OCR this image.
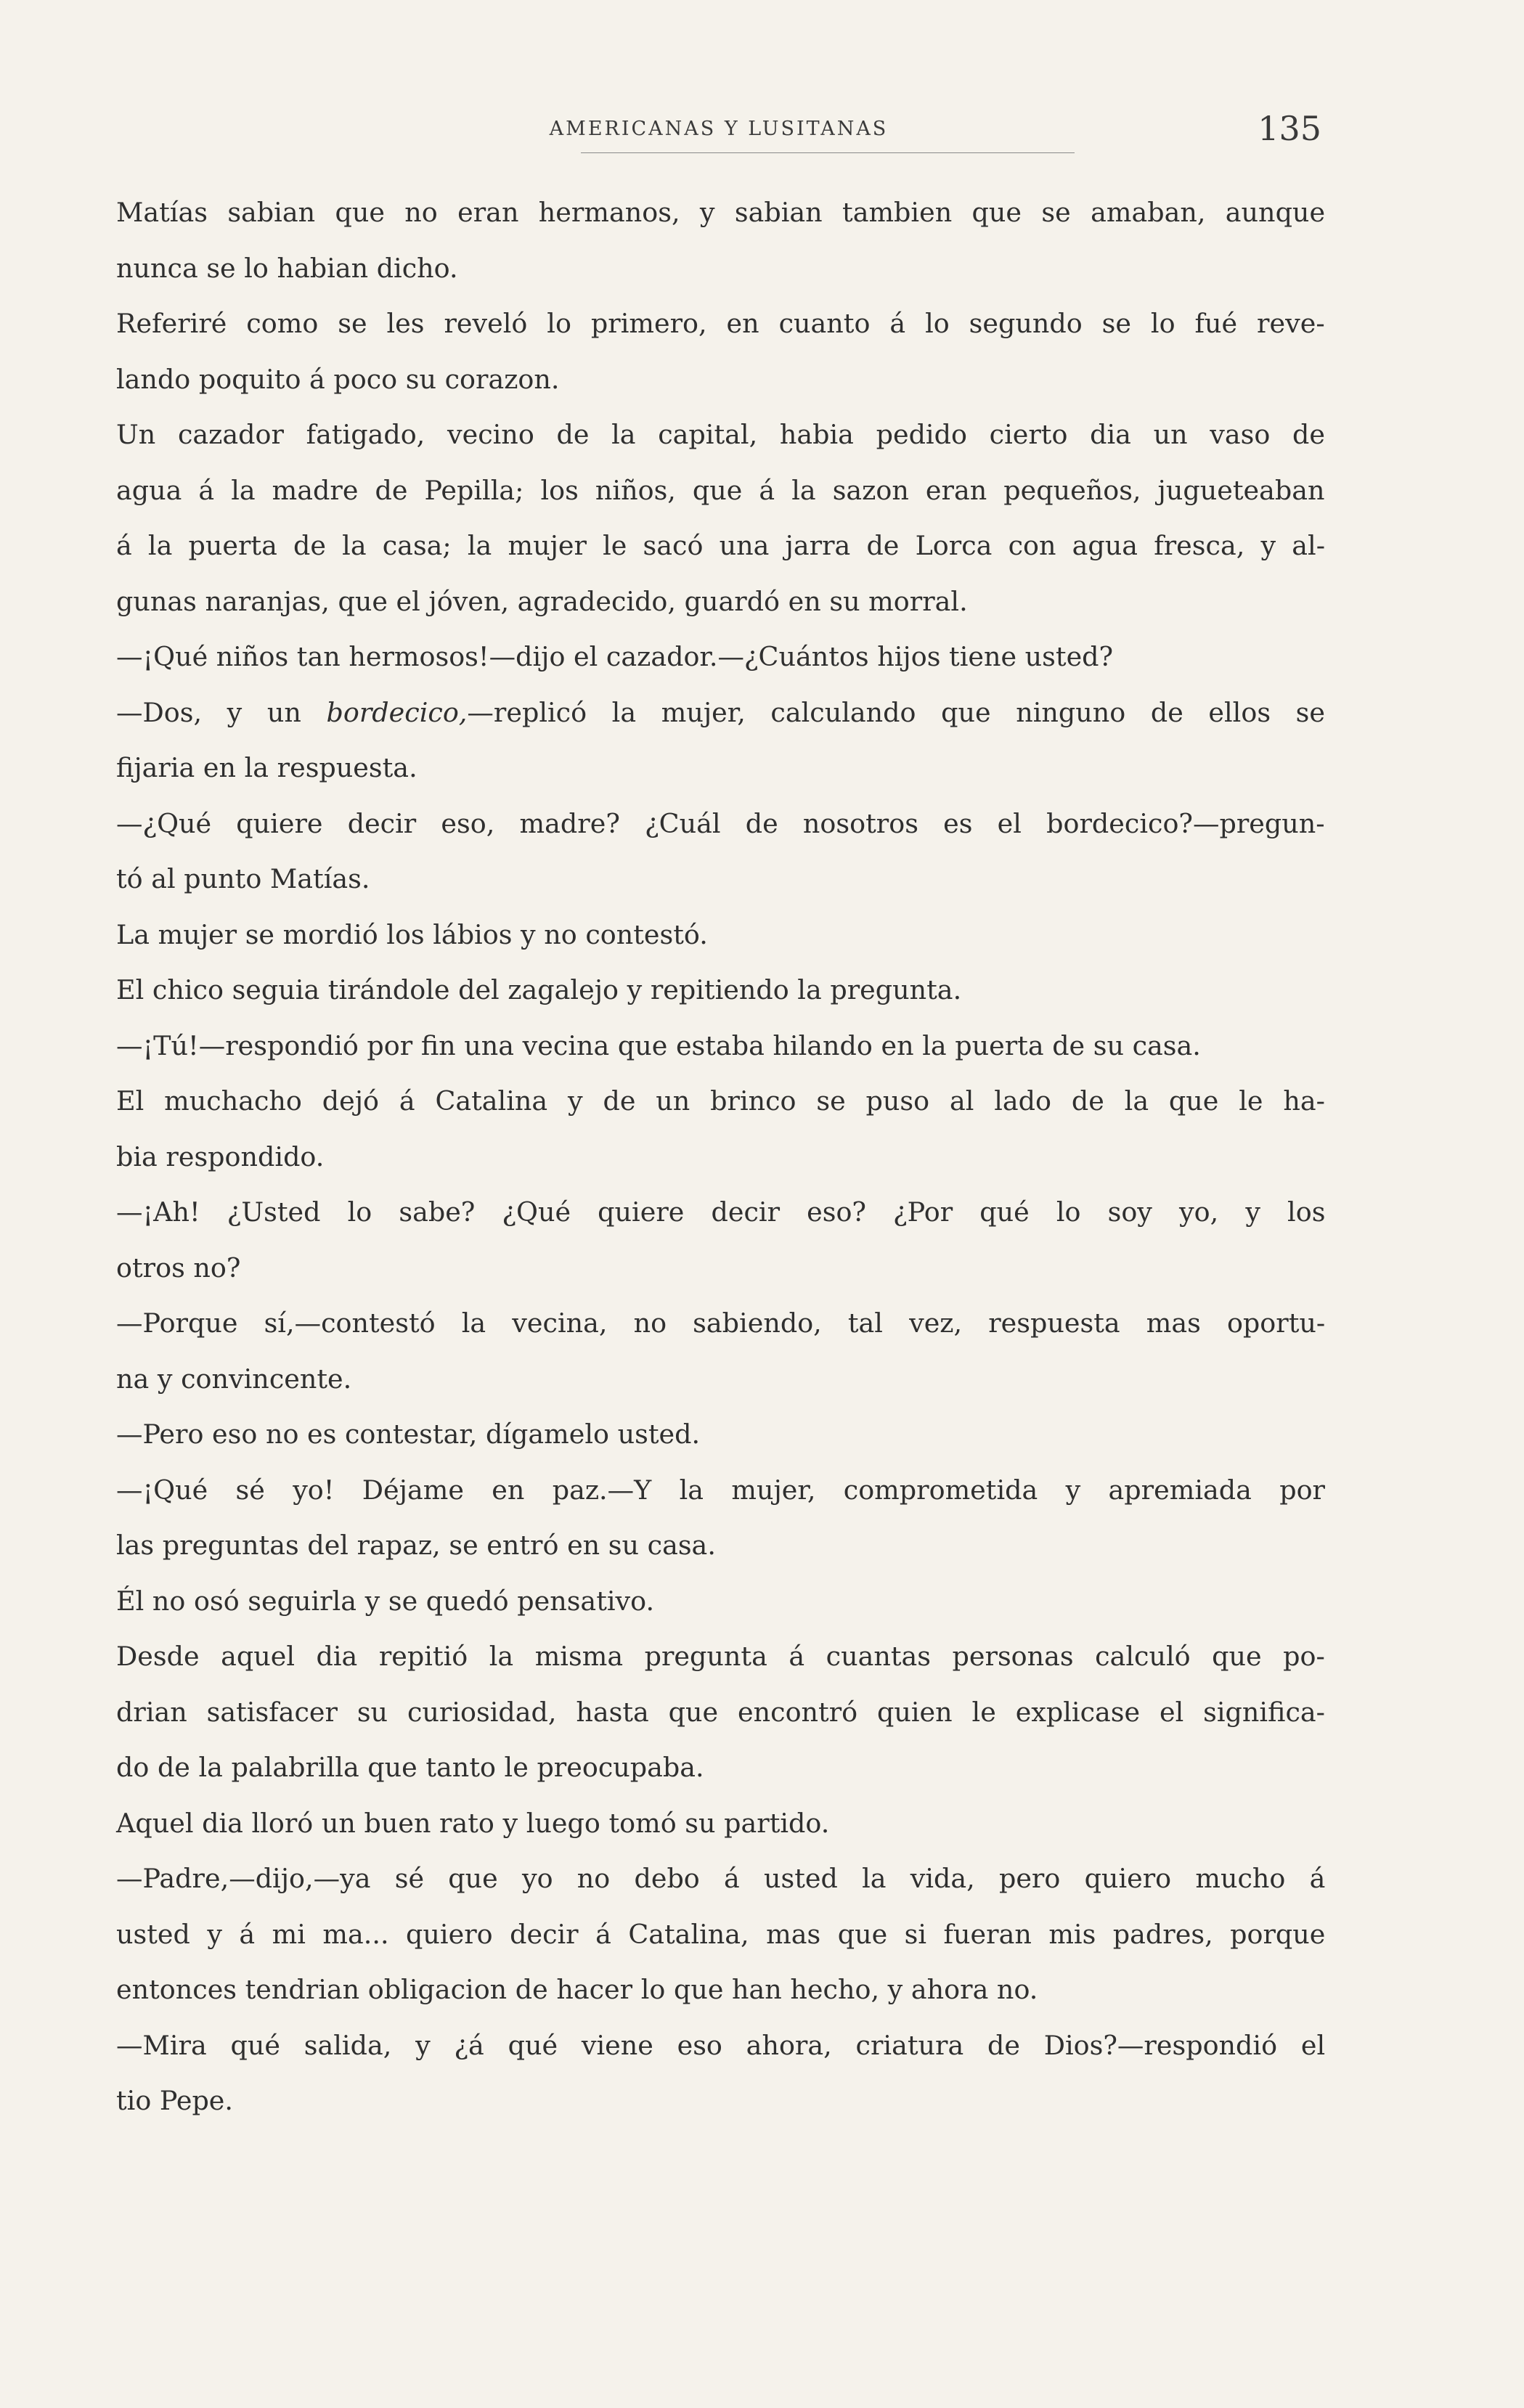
AMERICANAS Y LUSITANAS	135
Matías sabian que no eran hermanos, y sabian tambien que se amaban, aunque
nunca se lo habian dicho.
Referiré como se les reveló lo primero, en cuanto á lo segundo se lo fué reve-
lando poquito á poco su corazon.
Un cazador fatigado, vecino de la capital, habia pedido cierto dia un vaso de
agua á la madre de Pepilla; los niños, que á la sazon eran pequeños, jugueteaban
á la puerta de la casa; la mujer le sacó una jarra de Lorca con agua fresca, y al-
gunas naranjas, que el jóven, agradecido, guardó en su morral.
—¡Qué niños tan hermosos!—dijo el cazador.—¿Cuántos hijos tiene usted?
—Dos, y un bordecico,—replicó la mujer, calculando que ninguno de ellos se
fijaria en la respuesta.
—¿Qué quiere decir eso, madre? ¿Cuál de nosotros es el bordecico?—pregun-
tó al punto Matías.
La mujer se mordió los lábios y no contestó.
El chico seguia tirándole del zagalejo y repitiendo la pregunta.
—¡Tú!—respondió por fin una vecina que estaba hilando en la puerta de su casa.
El muchacho dejó á Catalina y de un brinco se puso al lado de la que le ha-
bia respondido.
—¡Ah! ¿Usted lo sabe? ¿Qué quiere decir eso? ¿Por qué lo soy yo, y los
otros no?
—Porque sí,—contestó la vecina, no sabiendo, tal vez, respuesta mas oportu-
na y convincente.
—Pero eso no es contestar, dígamelo usted.
—¡Qué sé yo! Déjame en paz.—Y la mujer, comprometida y apremiada por
las preguntas del rapaz, se entró en su casa.
Él no osó seguirla y se quedó pensativo.
Desde aquel dia repitió la misma pregunta á cuantas personas calculó que po-
drian satisfacer su curiosidad, hasta que encontró quien le explicase el significa-
do de la palabrilla que tanto le preocupaba.
Aquel dia lloró un buen rato y luego tomó su partido.
—Padre,—dijo,—ya sé que yo no debo á usted la vida, pero quiero mucho á
usted y á mi ma... quiero decir á Catalina, mas que si fueran mis padres, porque
entonces tendrian obligacion de hacer lo que han hecho, y ahora no.
—Mira qué salida, y ¿á qué viene eso ahora, criatura de Dios?—respondió el
tio Pepe.
